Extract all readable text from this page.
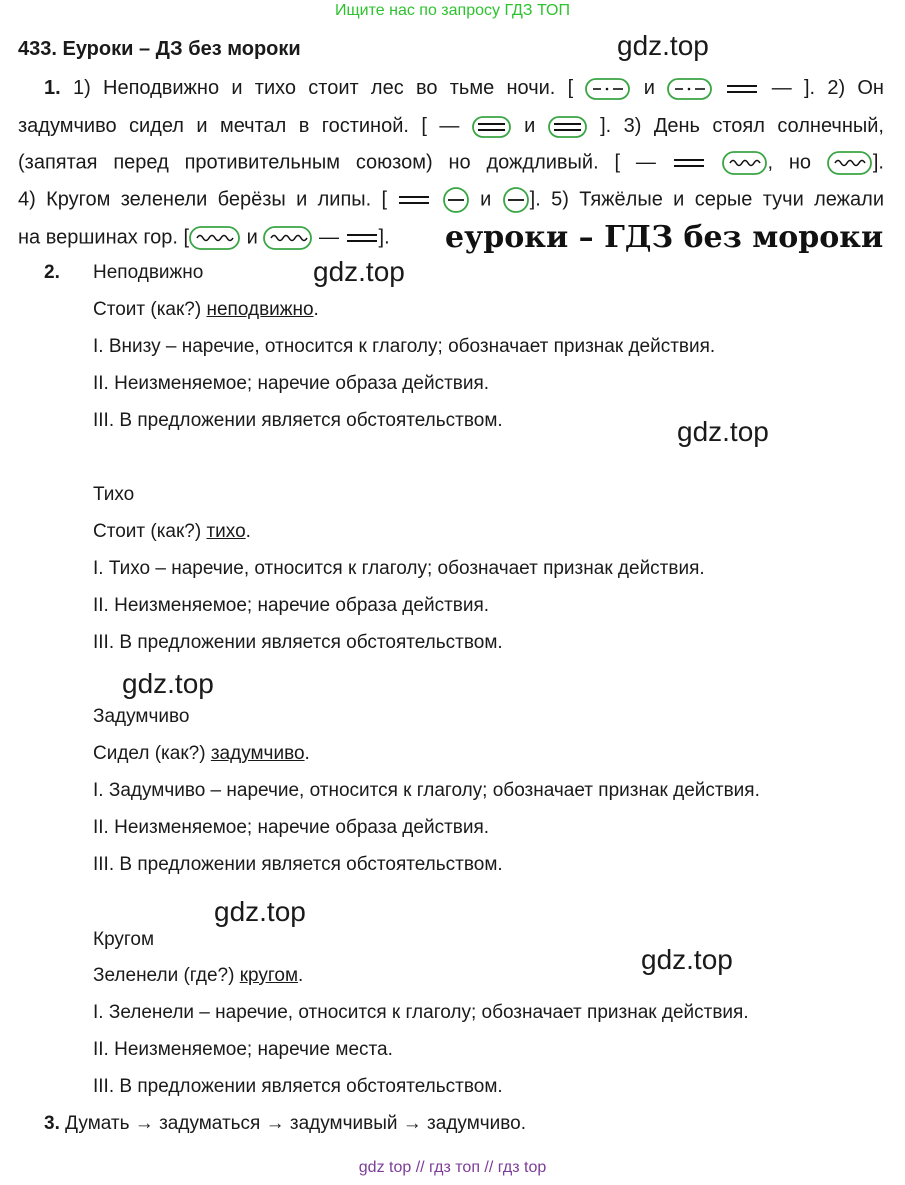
Ищите нас по запросу ГДЗ ТОП
433. Еуроки – ДЗ без мороки	gdz.top
gdz.top
gdz.top
gdz.top
gdz.top
gdz.top
еуроки – ГДЗ без мороки
1. 1) Неподвижно и тихо стоит лес во тьме ночи. [	и
	— ]. 2) Он
задумчиво сидел и мечтал в гостиной. [ —	и	]. 3) День стоял солнечный,
(запятая перед противительным союзом) но дождливый. [ —
	, но	].
4) Кругом зеленели берёзы и липы. [
	и ]. 5) Тяжёлые и серые тучи лежали
на вершинах гор. [	и	— ].
2. Неподвижно
Стоит (как?) неподвижно.
I. Внизу – наречие, относится к глаголу; обозначает признак действия.
II. Неизменяемое; наречие образа действия.
III. В предложении является обстоятельством.
Тихо
Стоит (как?) тихо.
I. Тихо – наречие, относится к глаголу; обозначает признак действия.
II. Неизменяемое; наречие образа действия.
III. В предложении является обстоятельством.
Задумчиво
Сидел (как?) задумчиво.
I. Задумчиво – наречие, относится к глаголу; обозначает признак действия.
II. Неизменяемое; наречие образа действия.
III. В предложении является обстоятельством.
Кругом
Зеленели (где?) кругом.
I. Зеленели – наречие, относится к глаголу; обозначает признак действия.
II. Неизменяемое; наречие места.
III. В предложении является обстоятельством.
3. Думать → задуматься → задумчивый → задумчиво.
gdz top // гдз топ // гдз top
